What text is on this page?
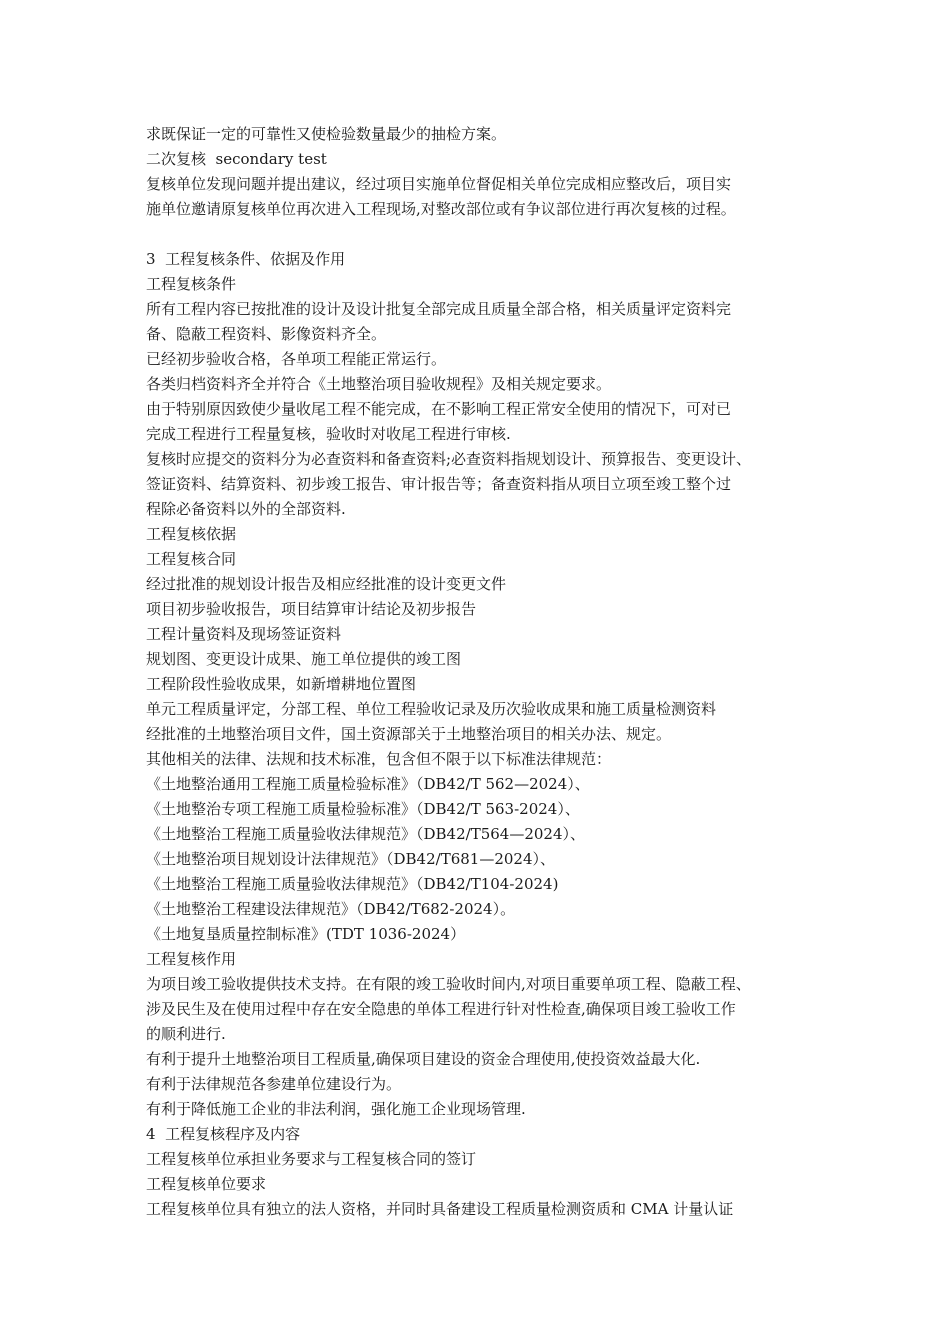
求既保证一定的可靠性又使检验数量最少的抽检方案。
二次复核  secondary test
复核单位发现问题并提出建议，经过项目实施单位督促相关单位完成相应整改后，项目实
施单位邀请原复核单位再次进入工程现场,对整改部位或有争议部位进行再次复核的过程。
3  工程复核条件、依据及作用
工程复核条件
所有工程内容已按批准的设计及设计批复全部完成且质量全部合格，相关质量评定资料完
备、隐蔽工程资料、影像资料齐全。
已经初步验收合格，各单项工程能正常运行。
各类归档资料齐全并符合《土地整治项目验收规程》及相关规定要求。
由于特别原因致使少量收尾工程不能完成，在不影响工程正常安全使用的情况下，可对已
完成工程进行工程量复核，验收时对收尾工程进行审核.
复核时应提交的资料分为必查资料和备查资料;必查资料指规划设计、预算报告、变更设计、
签证资料、结算资料、初步竣工报告、审计报告等；备查资料指从项目立项至竣工整个过
程除必备资料以外的全部资料.
工程复核依据
工程复核合同
经过批准的规划设计报告及相应经批准的设计变更文件
项目初步验收报告，项目结算审计结论及初步报告
工程计量资料及现场签证资料
规划图、变更设计成果、施工单位提供的竣工图
工程阶段性验收成果，如新增耕地位置图
单元工程质量评定，分部工程、单位工程验收记录及历次验收成果和施工质量检测资料
经批准的土地整治项目文件，国土资源部关于土地整治项目的相关办法、规定。
其他相关的法律、法规和技术标准，包含但不限于以下标准法律规范：
《土地整治通用工程施工质量检验标准》（DB42/T 562—2024）、
《土地整治专项工程施工质量检验标准》（DB42/T 563-2024）、
《土地整治工程施工质量验收法律规范》（DB42/T564—2024）、
《土地整治项目规划设计法律规范》（DB42/T681—2024）、
《土地整治工程施工质量验收法律规范》（DB42/T104-2024)
《土地整治工程建设法律规范》（DB42/T682-2024）。
《土地复垦质量控制标准》(TDT 1036-2024）
工程复核作用
为项目竣工验收提供技术支持。在有限的竣工验收时间内,对项目重要单项工程、隐蔽工程、
涉及民生及在使用过程中存在安全隐患的单体工程进行针对性检查,确保项目竣工验收工作
的顺利进行.
有利于提升土地整治项目工程质量,确保项目建设的资金合理使用,使投资效益最大化.
有利于法律规范各参建单位建设行为。
有利于降低施工企业的非法利润，强化施工企业现场管理.
4  工程复核程序及内容
工程复核单位承担业务要求与工程复核合同的签订
工程复核单位要求
工程复核单位具有独立的法人资格，并同时具备建设工程质量检测资质和 CMA 计量认证
